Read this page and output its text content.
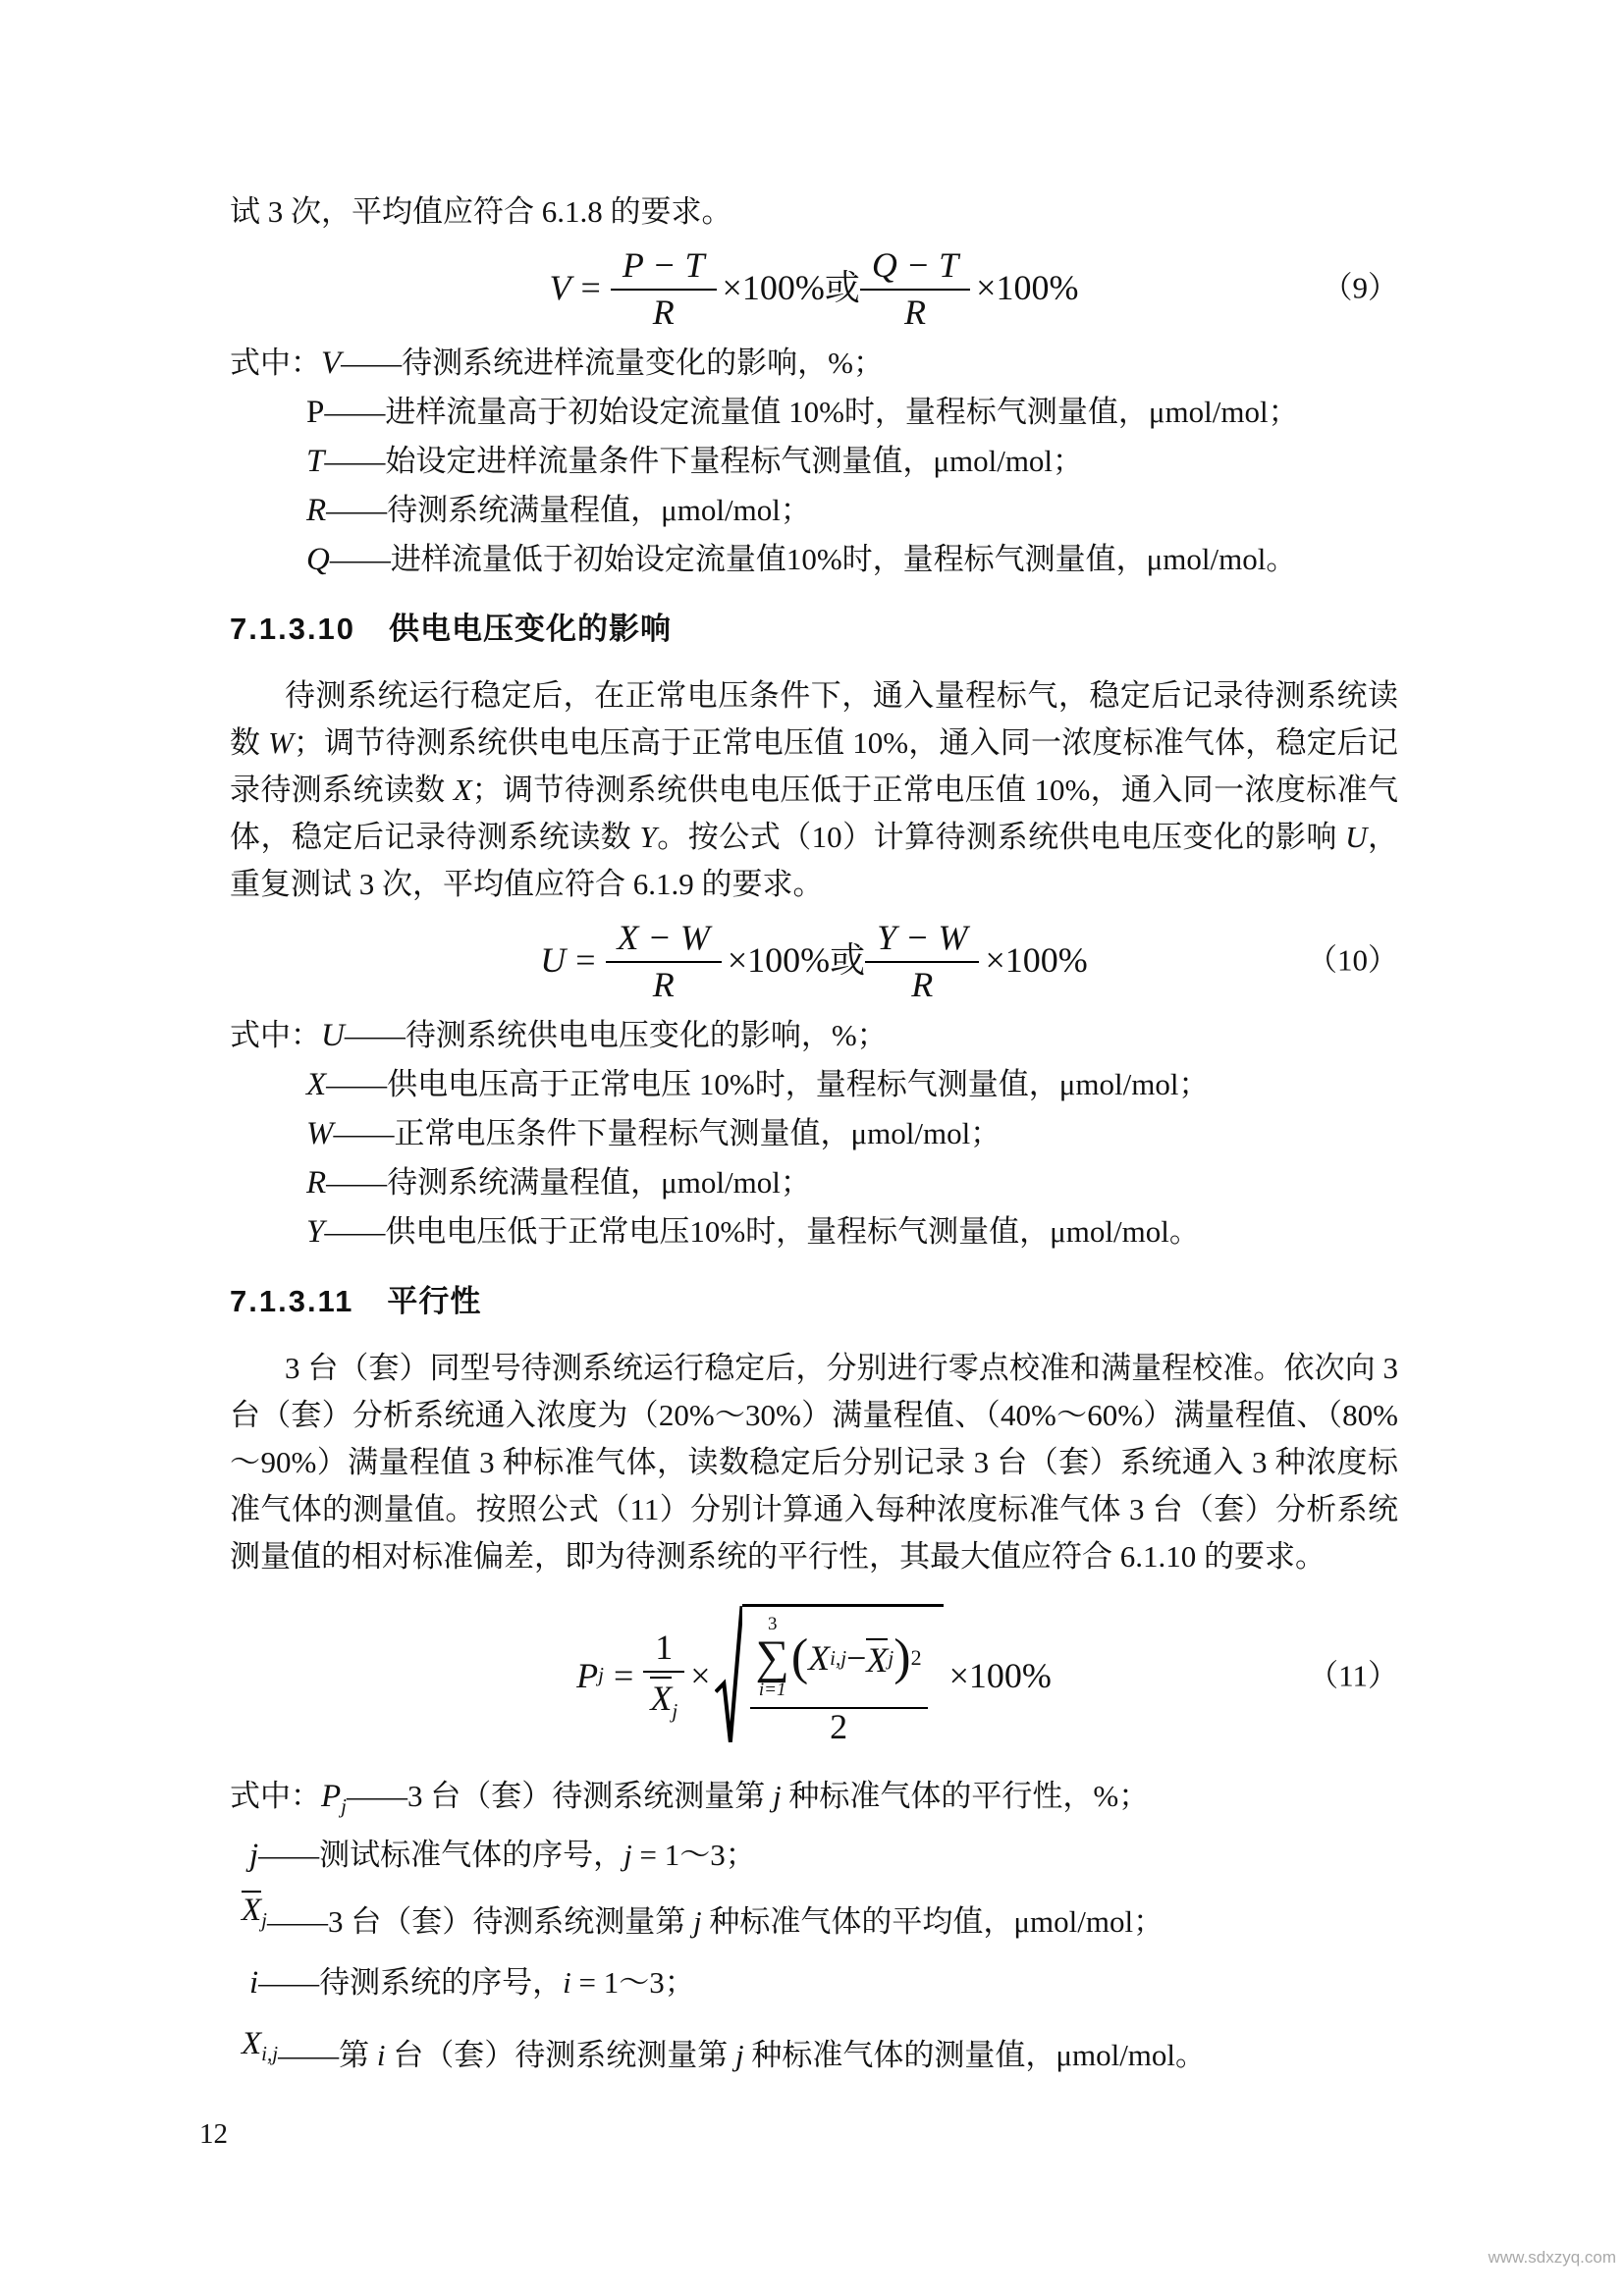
试 3 次，平均值应符合 6.1.8 的要求。

$V = \frac{P - T}{R} \times 100\%$ 或 $\frac{Q - T}{R} \times 100\%$	（9）
式中：V——待测系统进样流量变化的影响，%；
P——进样流量高于初始设定流量值 10%时，量程标气测量值，μmol/mol；
T——始设定进样流量条件下量程标气测量值，μmol/mol；
R——待测系统满量程值，μmol/mol；
Q——进样流量低于初始设定流量值10%时，量程标气测量值，μmol/mol。
7.1.3.10 供电电压变化的影响

待测系统运行稳定后，在正常电压条件下，通入量程标气，稳定后记录待测系统读数 W；调节待测系统供电电压高于正常电压值 10%，通入同一浓度标准气体，稳定后记录待测系统读数 X；调节待测系统供电电压低于正常电压值 10%，通入同一浓度标准气体，稳定后记录待测系统读数 Y。按公式（10）计算待测系统供电电压变化的影响 U，重复测试 3 次，平均值应符合 6.1.9 的要求。

$U = \frac{X - W}{R} \times 100\%$ 或 $\frac{Y - W}{R} \times 100\%$	（10）
式中：U——待测系统供电电压变化的影响，%；
X——供电电压高于正常电压 10%时，量程标气测量值，μmol/mol；
W——正常电压条件下量程标气测量值，μmol/mol；
R——待测系统满量程值，μmol/mol；
Y——供电电压低于正常电压10%时，量程标气测量值，μmol/mol。
7.1.3.11 平行性

3 台（套）同型号待测系统运行稳定后，分别进行零点校准和满量程校准。依次向 3 台（套）分析系统通入浓度为（20%～30%）满量程值、（40%～60%）满量程值、（80%～90%）满量程值 3 种标准气体，读数稳定后分别记录 3 台（套）系统通入 3 种浓度标准气体的测量值。按照公式（11）分别计算通入每种浓度标准气体 3 台（套）分析系统测量值的相对标准偏差，即为待测系统的平行性，其最大值应符合 6.1.10 的要求。

P $j = \frac{1}{X_j}$ ×
3
∑
i=1
( X i,j − X j ) 2
2
×100%	（11）
式中：$P_j——3$ 台（套）待测系统测量第 j 种标准气体的平行性，%；
j——测试标准气体的序号，j = 1～3；
$X_j——3$ 台（套）待测系统测量第 j 种标准气体的平均值，μmol/mol；
i——待测系统的序号，i = 1～3；
$X_{i,j}——$第 i 台（套）待测系统测量第 j 种标准气体的测量值，μmol/mol。
12
www.sdxzyq.com
